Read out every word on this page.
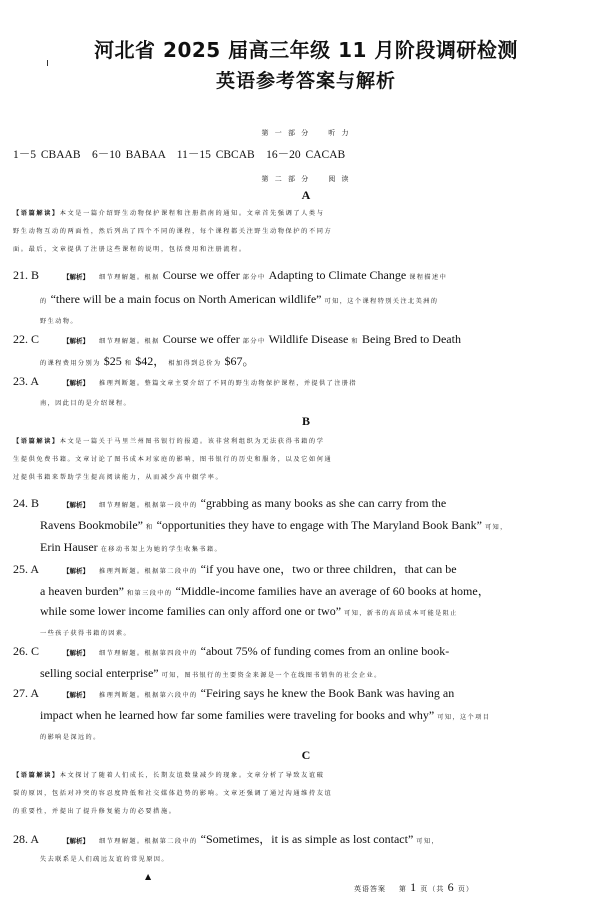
河北省 2025 届高三年级 11 月阶段调研检测
英语参考答案与解析
第 一 部 分　　听 力
1－5 CBAAB　6－10 BABAA　11－15 CBCAB　16－20 CACAB
第 二 部 分　　阅 读
A
【语篇解读】本文是一篇介绍野生动物保护课程和注册指南的通知。文章首先强调了人类与
野生动物互动的两面性，然后列出了四个不同的课程，每个课程都关注野生动物保护的不同方
面。最后，文章提供了注册这些课程的说明，包括费用和注册流程。
21. B	【解析】 细节理解题。根据 Course we offer 部分中 Adapting to Climate Change 课程描述中
的 “there will be a main focus on North American wildlife” 可知，这个课程特别关注北美洲的
野生动物。
22. C	【解析】 细节理解题。根据 Course we offer 部分中 Wildlife Disease 和 Being Bred to Death
的课程费用分别为 $25 和 $42， 相加得到总价为 $67。
23. A	【解析】 推理判断题。整篇文章主要介绍了不同的野生动物保护课程，并提供了注册指
南，因此目的是介绍课程。
B
【语篇解读】本文是一篇关于马里兰州图书银行的报道。该非营利组织为无法获得书籍的学
生提供免费书籍。文章讨论了图书成本对家庭的影响，图书银行的历史和服务，以及它如何通
过提供书籍来帮助学生提高阅读能力，从而减少高中辍学率。
24. B	【解析】 细节理解题。根据第一段中的 “grabbing as many books as she can carry from the
Ravens Bookmobile” 和 “opportunities they have to engage with The Maryland Book Bank” 可知，
Erin Hauser 在移动书架上为她的学生收集书籍。
25. A	【解析】 推理判断题。根据第二段中的 “if you have one，two or three children，that can be
a heaven burden” 和第三段中的 “Middle-income families have an average of 60 books at home，
while some lower income families can only afford one or two” 可知，新书的高昂成本可能是阻止
一些孩子获得书籍的因素。
26. C	【解析】 细节理解题。根据第四段中的 “about 75% of funding comes from an online book-
selling social enterprise” 可知，图书银行的主要资金来源是一个在线图书销售的社会企业。
27. A	【解析】 推理判断题。根据第六段中的 “Feiring says he knew the Book Bank was having an
impact when he learned how far some families were traveling for books and why” 可知，这个项目
的影响是深远的。
C
【语篇解读】本文探讨了随着人们成长，长期友谊数量减少的现象。文章分析了导致友谊破
裂的原因，包括对冲突的容忍度降低和社交媒体趋势的影响。文章还强调了通过沟通维持友谊
的重要性，并提出了提升修复能力的必要措施。
28. A	【解析】 细节理解题。根据第二段中的 “Sometimes，it is as simple as lost contact” 可知，
失去联系是人们疏远友谊的常见原因。
▲
英语答案 第 1 页（共 6 页）
